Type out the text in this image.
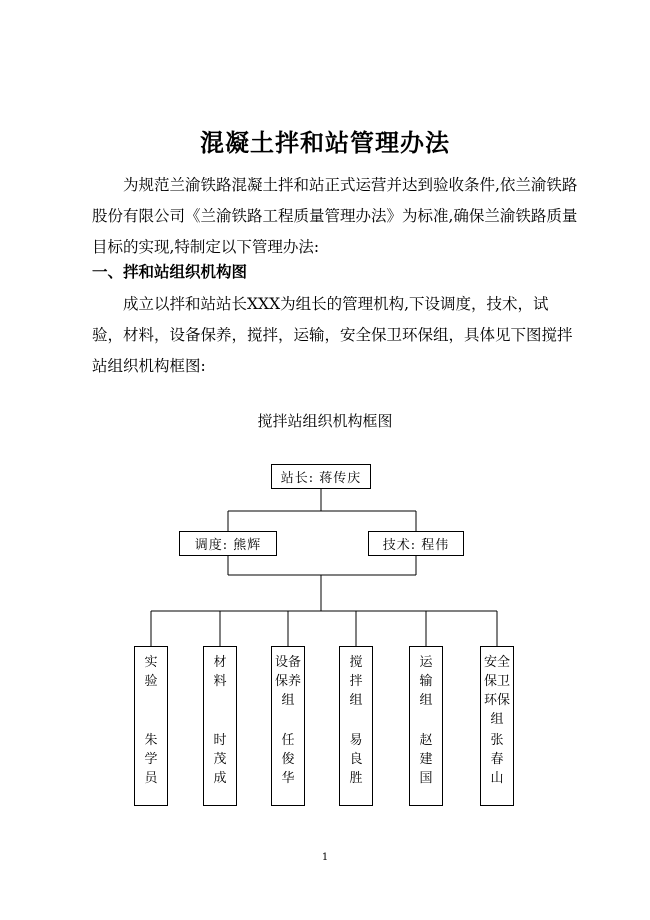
混凝土拌和站管理办法
为规范兰渝铁路混凝土拌和站正式运营并达到验收条件,依兰渝铁路股份有限公司《兰渝铁路工程质量管理办法》为标准,确保兰渝铁路质量目标的实现,特制定以下管理办法:
一、拌和站组织机构图
成立以拌和站站长XXX为组长的管理机构,下设调度，技术，试验，材料，设备保养，搅拌，运输，安全保卫环保组，具体见下图搅拌站组织机构框图:
搅拌站组织机构框图
站长: 蒋传庆
调度: 熊辉	技术: 程伟
实
验
朱
学
员
材
料
时
茂
成
设备
保养
组
任
俊
华
搅
拌
组
易
良
胜
运
输
组
赵
建
国
安全
保卫
环保
组
张
春
山
1
